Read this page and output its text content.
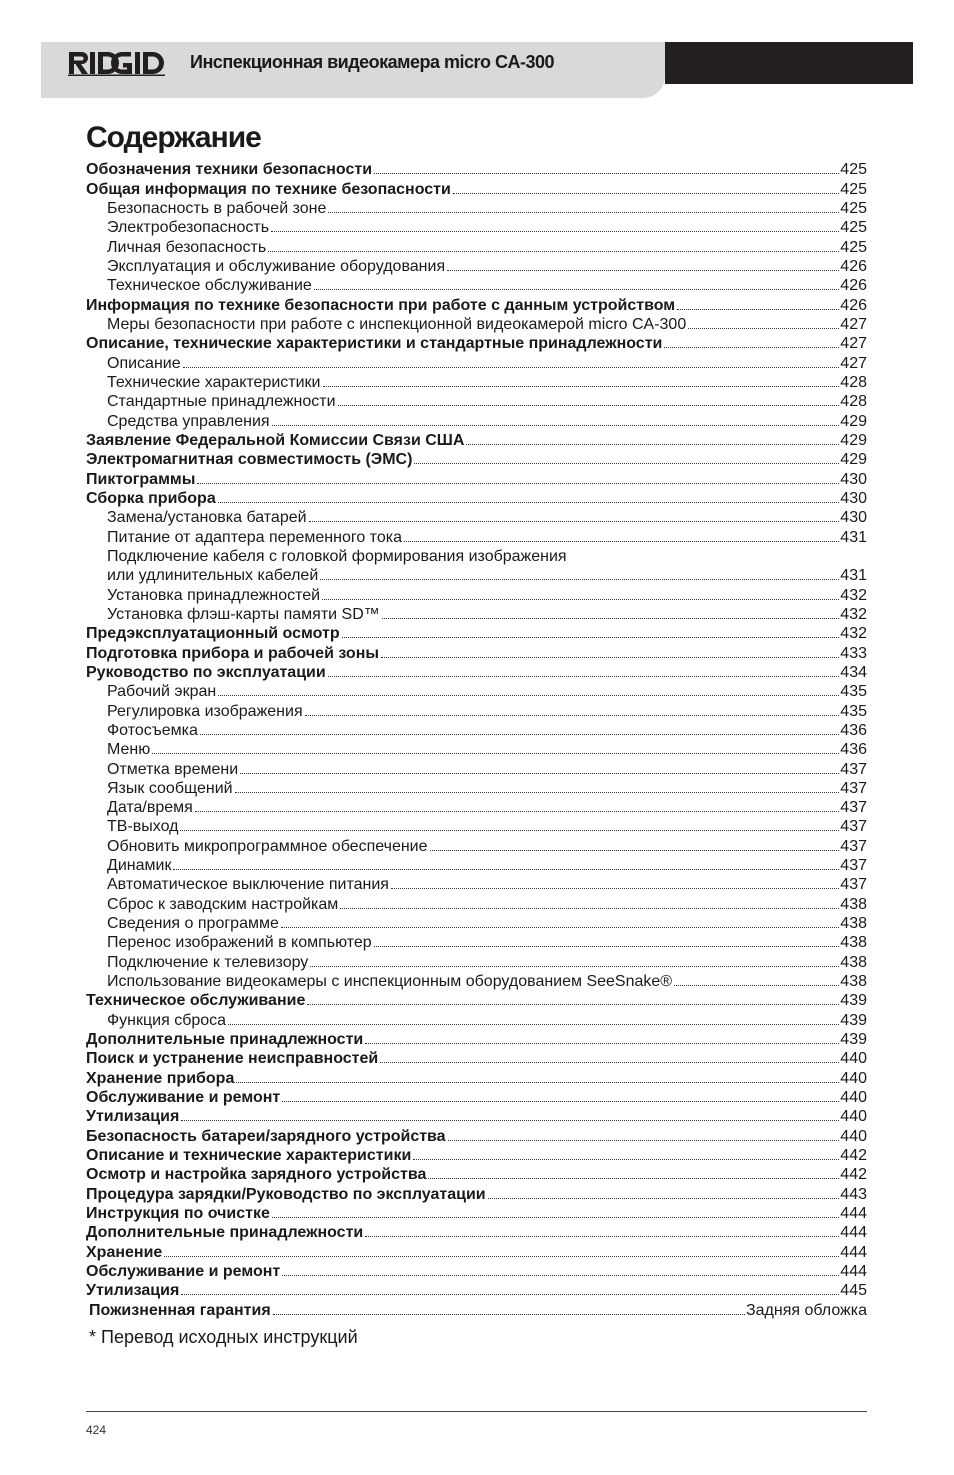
Инспекционная видеокамера micro CA-300
Содержание
Обозначения техники безопасности	425
Общая информация по технике безопасности	425
Безопасность в рабочей зоне	425
Электробезопасность	425
Личная безопасность	425
Эксплуатация и обслуживание оборудования	426
Техническое обслуживание	426
Информация по технике безопасности при работе с данным устройством	426
Меры безопасности при работе с инспекционной видеокамерой micro CA-300	427
Описание, технические характеристики и стандартные принадлежности	427
Описание	427
Технические характеристики	428
Стандартные принадлежности	428
Средства управления	429
Заявление Федеральной Комиссии Связи США	429
Электромагнитная совместимость (ЭМС)	429
Пиктограммы	430
Сборка прибора	430
Замена/установка батарей	430
Питание от адаптера переменного тока	431
Подключение кабеля с головкой формирования изображения
или удлинительных кабелей	431
Установка принадлежностей	432
Установка флэш-карты памяти SD™	432
Предэксплуатационный осмотр	432
Подготовка прибора и рабочей зоны	433
Руководство по эксплуатации	434
Рабочий экран	435
Регулировка изображения	435
Фотосъемка	436
Меню	436
Отметка времени	437
Язык сообщений	437
Дата/время	437
ТВ-выход	437
Обновить микропрограммное обеспечение	437
Динамик	437
Автоматическое выключение питания	437
Сброс к заводским настройкам	438
Сведения о программе	438
Перенос изображений в компьютер	438
Подключение к телевизору	438
Использование видеокамеры с инспекционным оборудованием SeeSnake®	438
Техническое обслуживание	439
Функция сброса	439
Дополнительные принадлежности	439
Поиск и устранение неисправностей	440
Хранение прибора	440
Обслуживание и ремонт	440
Утилизация	440
Безопасность батареи/зарядного устройства	440
Описание и технические характеристики	442
Осмотр и настройка зарядного устройства	442
Процедура зарядки/Руководство по эксплуатации	443
Инструкция по очистке	444
Дополнительные принадлежности	444
Хранение	444
Обслуживание и ремонт	444
Утилизация	445
Пожизненная гарантия	Задняя обложка
* Перевод исходных инструкций
424
